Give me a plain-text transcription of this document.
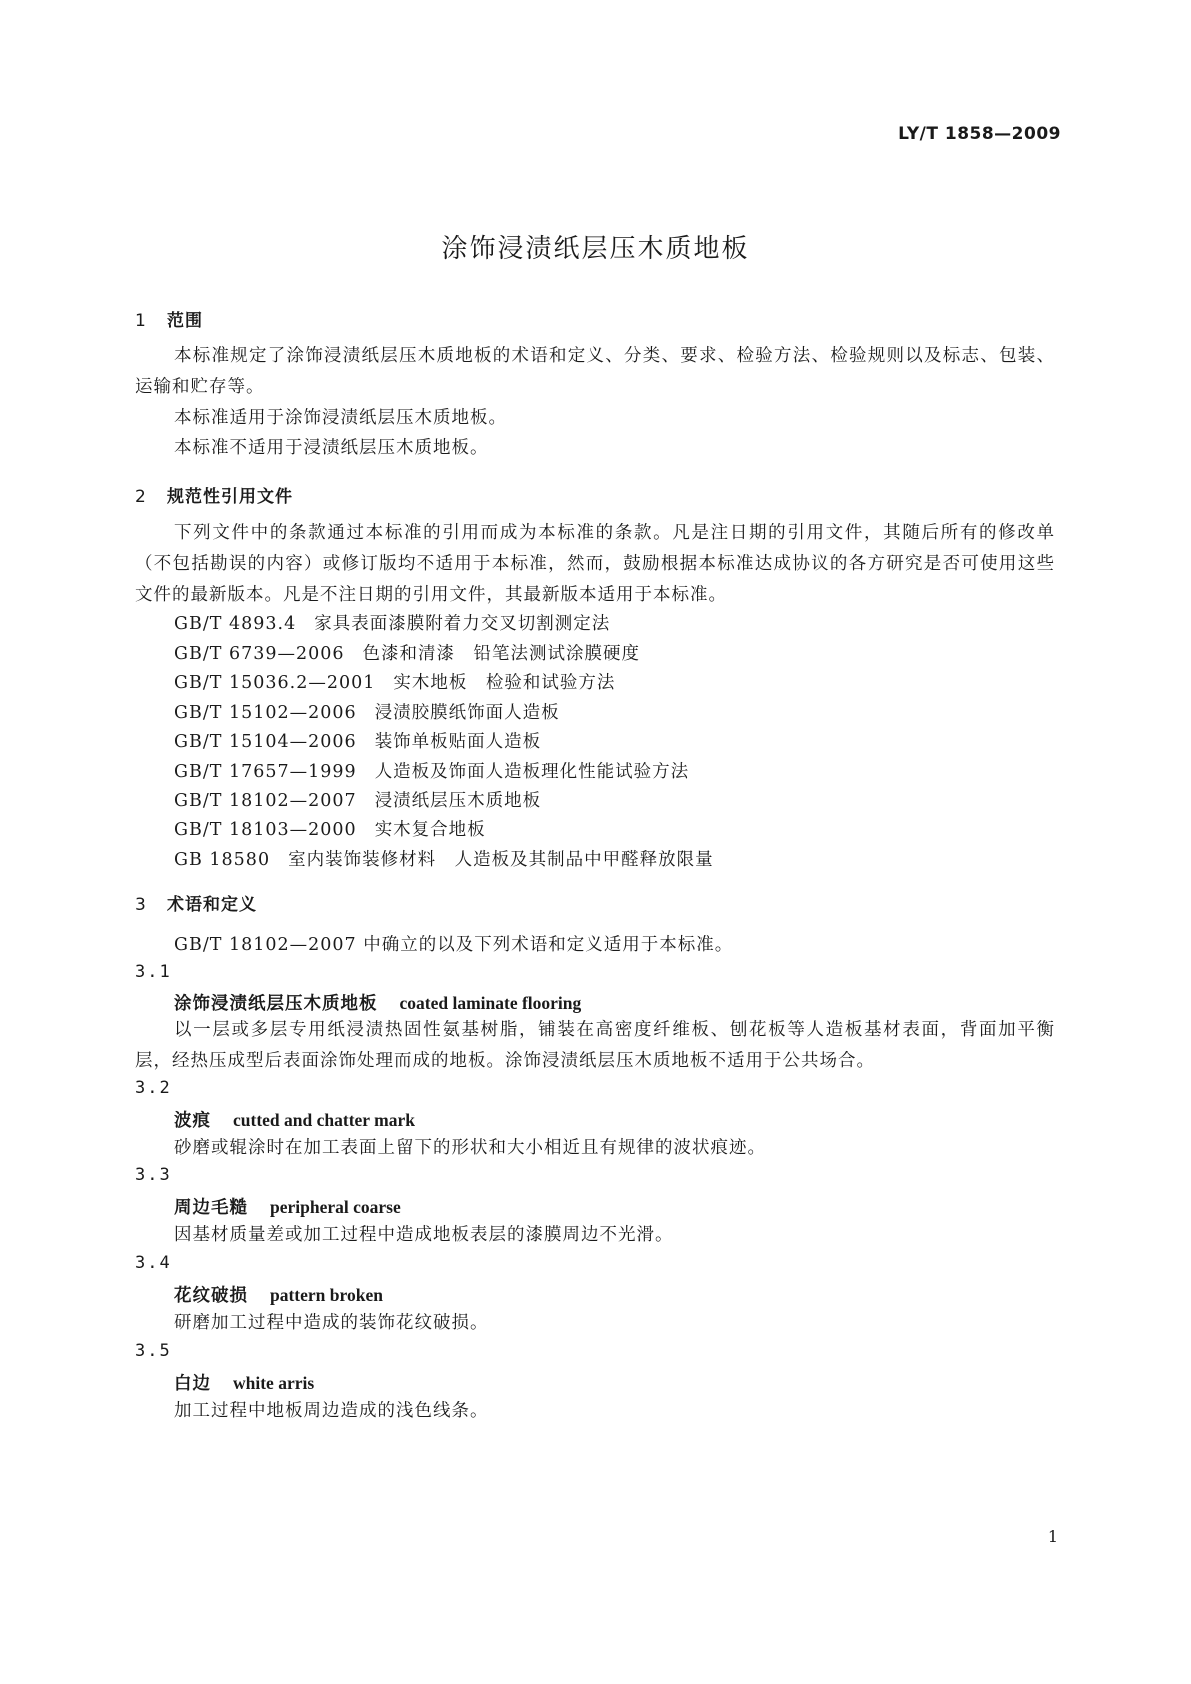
LY/T 1858—2009
涂饰浸渍纸层压木质地板
1 范围
本标准规定了涂饰浸渍纸层压木质地板的术语和定义、分类、要求、检验方法、检验规则以及标志、包装、运输和贮存等。
本标准适用于涂饰浸渍纸层压木质地板。
本标准不适用于浸渍纸层压木质地板。
2 规范性引用文件
下列文件中的条款通过本标准的引用而成为本标准的条款。凡是注日期的引用文件，其随后所有的修改单（不包括勘误的内容）或修订版均不适用于本标准，然而，鼓励根据本标准达成协议的各方研究是否可使用这些文件的最新版本。凡是不注日期的引用文件，其最新版本适用于本标准。
GB/T 4893.4 家具表面漆膜附着力交叉切割测定法
GB/T 6739—2006 色漆和清漆　铅笔法测试涂膜硬度
GB/T 15036.2—2001 实木地板　检验和试验方法
GB/T 15102—2006 浸渍胶膜纸饰面人造板
GB/T 15104—2006 装饰单板贴面人造板
GB/T 17657—1999 人造板及饰面人造板理化性能试验方法
GB/T 18102—2007 浸渍纸层压木质地板
GB/T 18103—2000 实木复合地板
GB 18580 室内装饰装修材料　人造板及其制品中甲醛释放限量
3 术语和定义
GB/T 18102—2007 中确立的以及下列术语和定义适用于本标准。
3.1
涂饰浸渍纸层压木质地板 coated laminate flooring
以一层或多层专用纸浸渍热固性氨基树脂，铺装在高密度纤维板、刨花板等人造板基材表面，背面加平衡层，经热压成型后表面涂饰处理而成的地板。涂饰浸渍纸层压木质地板不适用于公共场合。
3.2
波痕 cutted and chatter mark
砂磨或辊涂时在加工表面上留下的形状和大小相近且有规律的波状痕迹。
3.3
周边毛糙 peripheral coarse
因基材质量差或加工过程中造成地板表层的漆膜周边不光滑。
3.4
花纹破损 pattern broken
研磨加工过程中造成的装饰花纹破损。
3.5
白边 white arris
加工过程中地板周边造成的浅色线条。
1
